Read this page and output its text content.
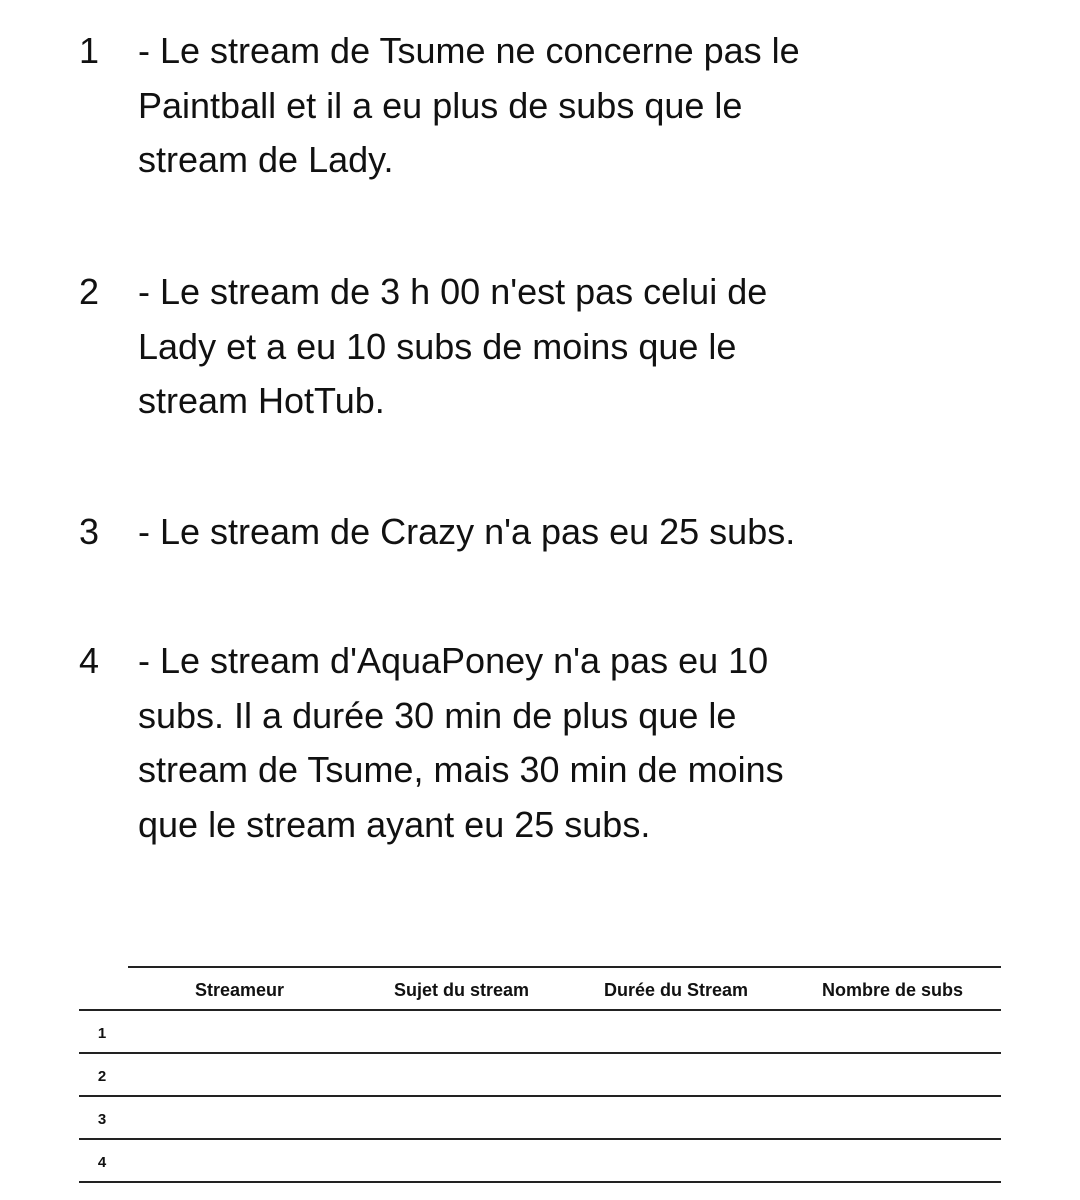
1 - Le stream de Tsume ne concerne pas le
Paintball et il a eu plus de subs que le
stream de Lady.
2 - Le stream de 3 h 00 n'est pas celui de
Lady et a eu 10 subs de moins que le
stream HotTub.
3 - Le stream de Crazy n'a pas eu 25 subs.
4 - Le stream d'AquaPoney n'a pas eu 10
subs. Il a durée 30 min de plus que le
stream de Tsume, mais 30 min de moins
que le stream ayant eu 25 subs.
Streameur	Sujet du stream	Durée du Stream	Nombre de subs
1
2
3
4
